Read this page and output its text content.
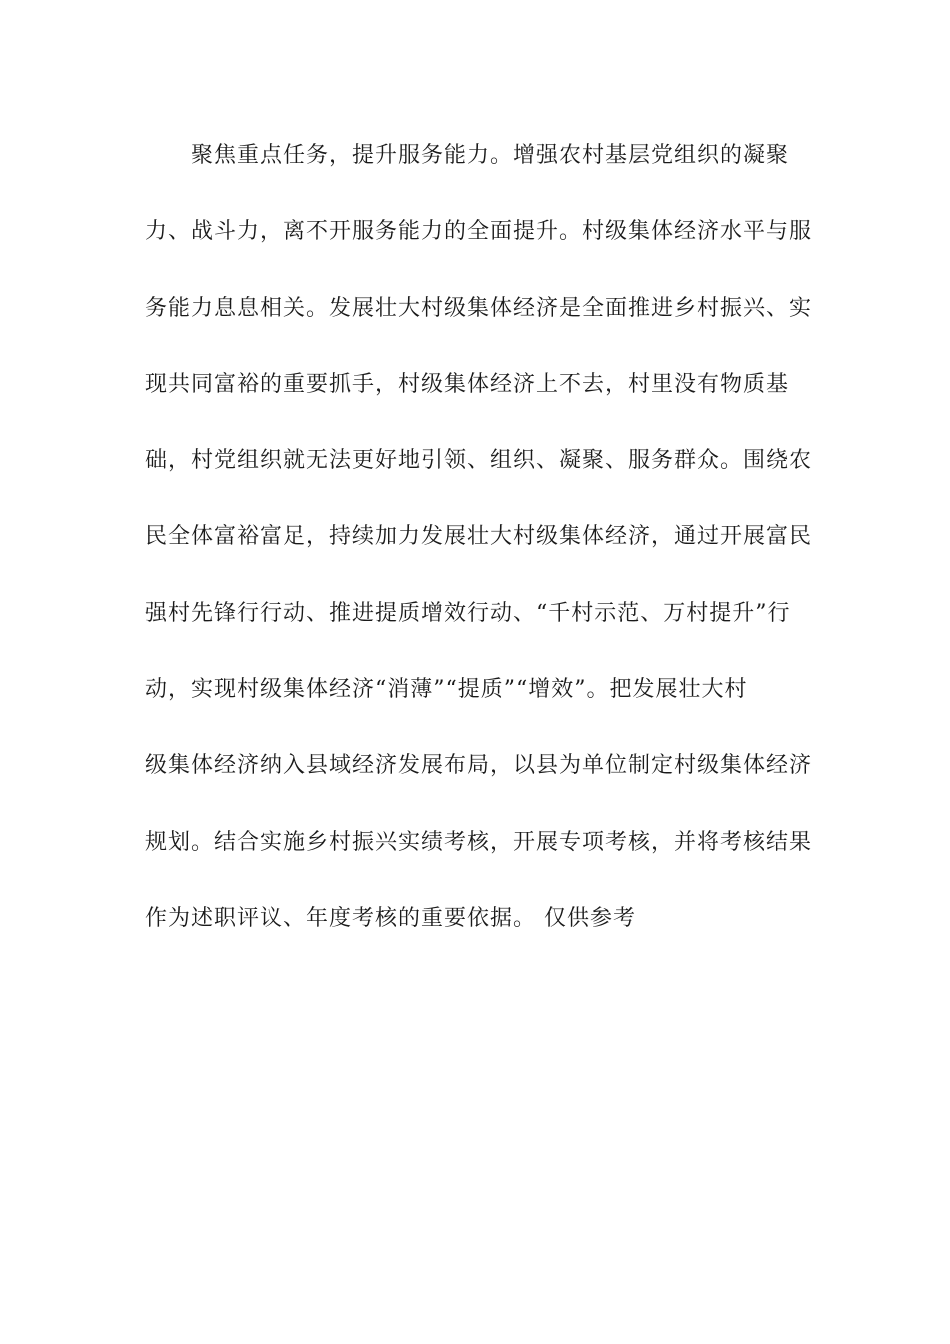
聚焦重点任务，提升服务能力。增强农村基层党组织的凝聚
力、战斗力，离不开服务能力的全面提升。村级集体经济水平与服
务能力息息相关。发展壮大村级集体经济是全面推进乡村振兴、实
现共同富裕的重要抓手，村级集体经济上不去，村里没有物质基
础，村党组织就无法更好地引领、组织、凝聚、服务群众。围绕农
民全体富裕富足，持续加力发展壮大村级集体经济，通过开展富民
强村先锋行行动、推进提质增效行动、“千村示范、万村提升”行
动，实现村级集体经济“消薄”“提质”“增效”。把发展壮大村
级集体经济纳入县域经济发展布局，以县为单位制定村级集体经济
规划。结合实施乡村振兴实绩考核，开展专项考核，并将考核结果
作为述职评议、年度考核的重要依据。 仅供参考
